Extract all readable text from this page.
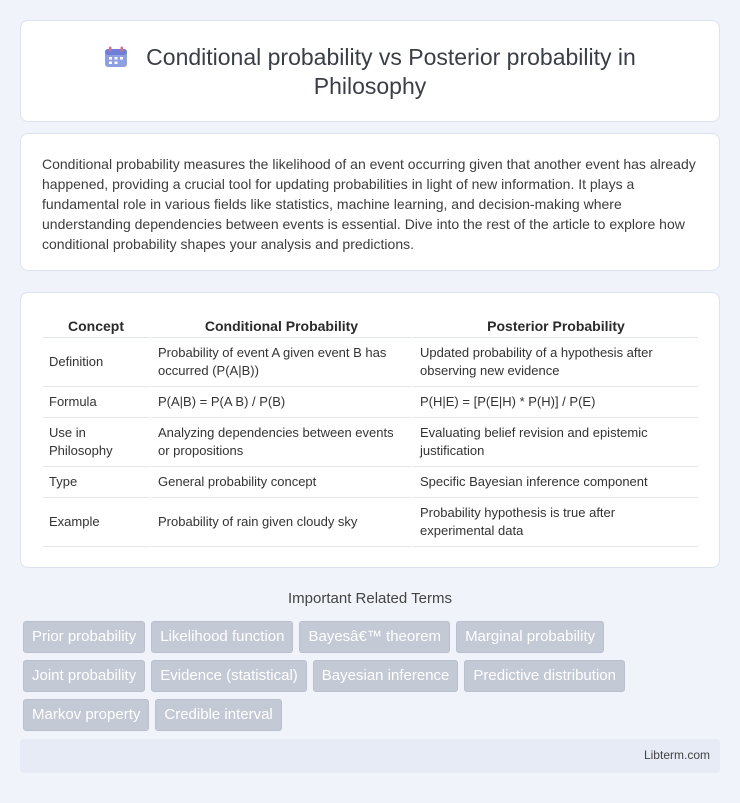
Conditional probability vs Posterior probability in
Philosophy

Conditional probability measures the likelihood of an event occurring given that another event has already happened, providing a crucial tool for updating probabilities in light of new information. It plays a fundamental role in various fields like statistics, machine learning, and decision-making where understanding dependencies between events is essential. Dive into the rest of the article to explore how conditional probability shapes your analysis and predictions.

Concept	Conditional Probability	Posterior Probability
Definition	Probability of event A given event B has occurred (P(A|B))	Updated probability of a hypothesis after observing new evidence
Formula	P(A|B) = P(A B) / P(B)	P(H|E) = [P(E|H) * P(H)] / P(E)
Use in Philosophy	Analyzing dependencies between events or propositions	Evaluating belief revision and epistemic justification
Type	General probability concept	Specific Bayesian inference component
Example	Probability of rain given cloudy sky	Probability hypothesis is true after experimental data
Important Related Terms
Prior probability	Likelihood function	Bayesâ€™ theorem	Marginal probability
Joint probability	Evidence (statistical)	Bayesian inference	Predictive distribution
Markov property	Credible interval
Libterm.com
